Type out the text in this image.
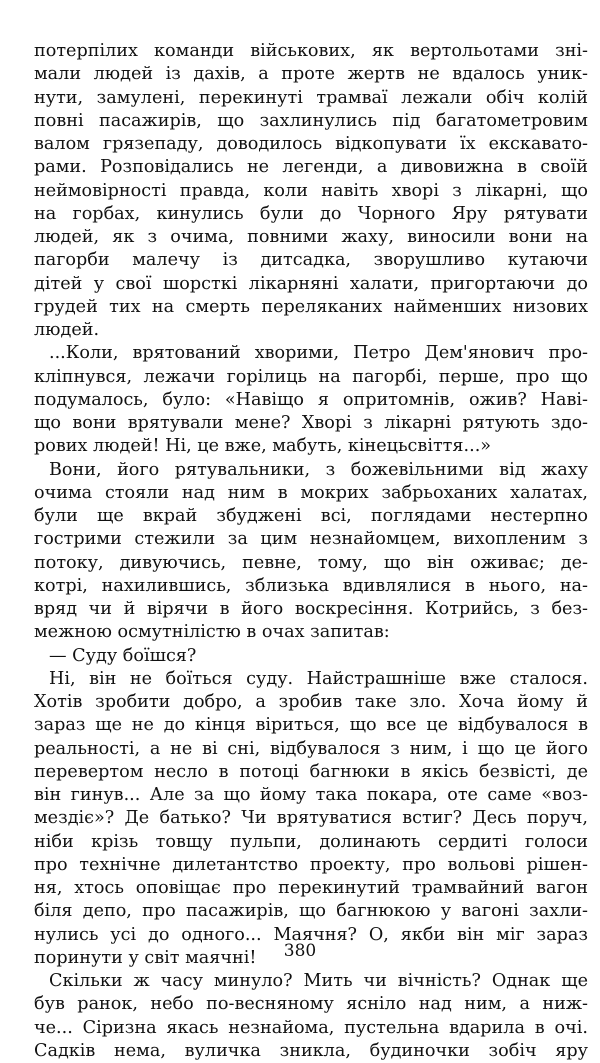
потерпілих команди військових, як вертольотами зні-
мали людей із дахів, а проте жертв не вдалось уник-
нути, замулені, перекинуті трамваї лежали обіч колій
повні пасажирів, що захлинулись під багатометровим
валом грязепаду, доводилось відкопувати їх екскавато-
рами. Розповідались не легенди, а дивовижна в своїй
неймовірності правда, коли навіть хворі з лікарні, що
на горбах, кинулись були до Чорного Яру рятувати
людей, як з очима, повними жаху, виносили вони на
пагорби малечу із дитсадка, зворушливо кутаючи
дітей у свої шорсткі лікарняні халати, пригортаючи до
грудей тих на смерть переляканих найменших низових
людей.
...Коли, врятований хворими, Петро Дем'янович про-
кліпнувся, лежачи горілиць на пагорбі, перше, про що
подумалось, було: «Навіщо я опритомнів, ожив? Наві-
що вони врятували мене? Хворі з лікарні рятують здо-
рових людей! Ні, це вже, мабуть, кінецьсвіття...»
Вони, його рятувальники, з божевільними від жаху
очима стояли над ним в мокрих забрьоханих халатах,
були ще вкрай збуджені всі, поглядами нестерпно
гострими стежили за цим незнайомцем, вихопленим з
потоку, дивуючись, певне, тому, що він оживає; де-
котрі, нахилившись, зблизька вдивлялися в нього, на-
вряд чи й вірячи в його воскресіння. Котрийсь, з без-
межною осмутнілістю в очах запитав:
— Суду боїшся?
Ні, він не боїться суду. Найстрашніше вже сталося.
Хотів зробити добро, а зробив таке зло. Хоча йому й
зараз ще не до кінця віриться, що все це відбувалося в
реальності, а не ві сні, відбувалося з ним, і що це його
перевертом несло в потоці багнюки в якісь безвісті, де
він гинув... Але за що йому така покара, оте саме «воз-
мездіє»? Де батько? Чи врятуватися встиг? Десь поруч,
ніби крізь товщу пульпи, долинають сердиті голоси
про технічне дилетантство проекту, про вольові рішен-
ня, хтось оповіщає про перекинутий трамвайний вагон
біля депо, про пасажирів, що багнюкою у вагоні захли-
нулись усі до одного... Маячня? О, якби він міг зараз
поринути у світ маячні!
Скільки ж часу минуло? Мить чи вічність? Однак ще
був ранок, небо по-весняному ясніло над ним, а ниж-
че... Сіризна якась незнайома, пустельна вдарила в очі.
Садків нема, вуличка зникла, будиночки зобіч яру
380
